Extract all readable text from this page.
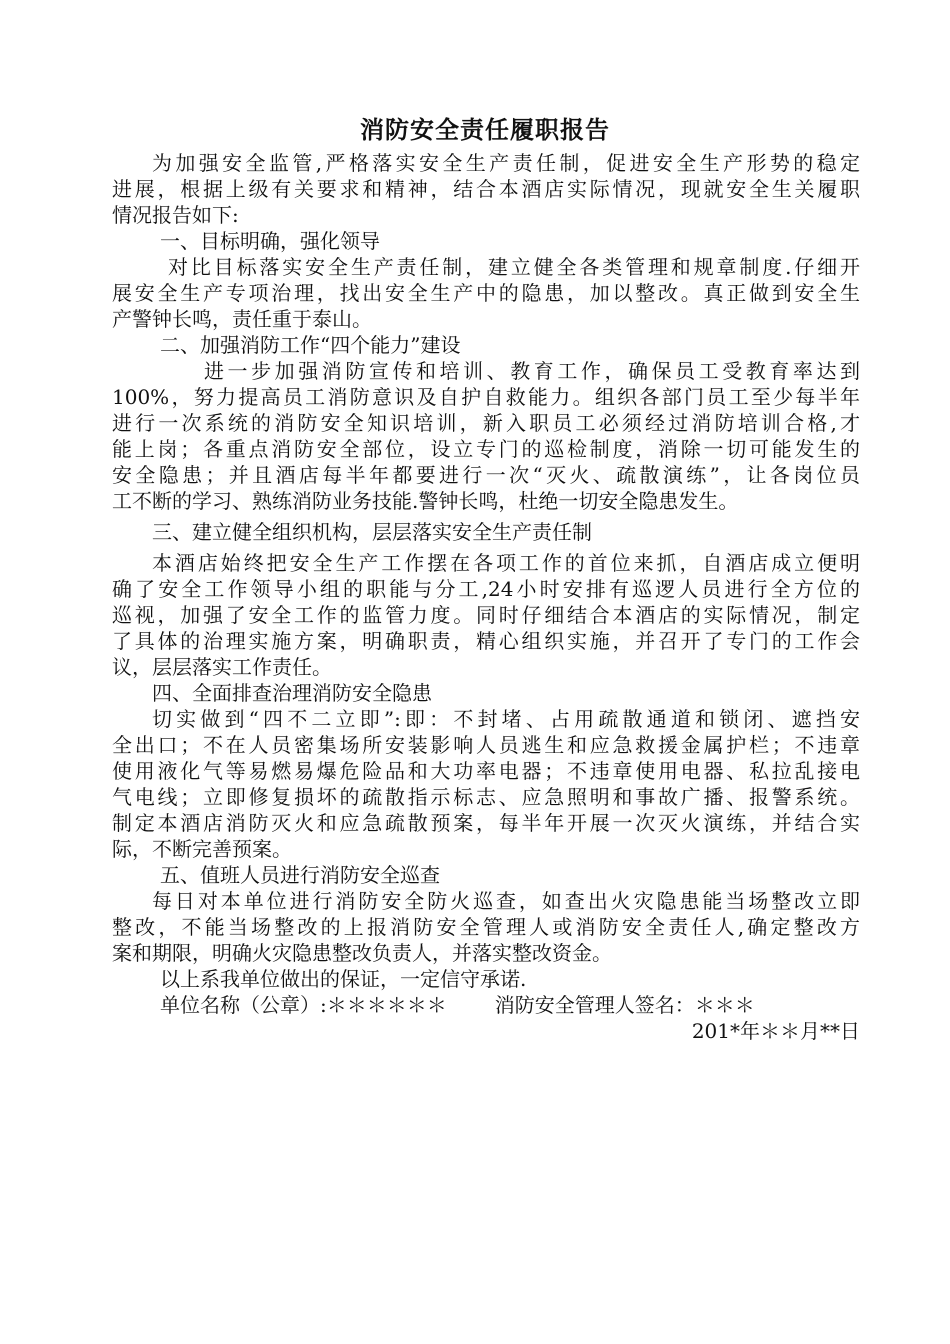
消防安全责任履职报告
为加强安全监管,严格落实安全生产责任制，促进安全生产形势的稳定
进展，根据上级有关要求和精神，结合本酒店实际情况，现就安全生关履职
情况报告如下:
一、目标明确，强化领导
对比目标落实安全生产责任制，建立健全各类管理和规章制度.仔细开
展安全生产专项治理，找出安全生产中的隐患，加以整改。真正做到安全生
产警钟长鸣，责任重于泰山。
二、加强消防工作“四个能力”建设
进一步加强消防宣传和培训、教育工作，确保员工受教育率达到
100%，努力提高员工消防意识及自护自救能力。组织各部门员工至少每半年
进行一次系统的消防安全知识培训，新入职员工必须经过消防培训合格,才
能上岗；各重点消防安全部位，设立专门的巡检制度，消除一切可能发生的
安全隐患；并且酒店每半年都要进行一次“灭火、疏散演练”，让各岗位员
工不断的学习、熟练消防业务技能.警钟长鸣，杜绝一切安全隐患发生。
三、建立健全组织机构，层层落实安全生产责任制
本酒店始终把安全生产工作摆在各项工作的首位来抓，自酒店成立便明
确了安全工作领导小组的职能与分工,24小时安排有巡逻人员进行全方位的
巡视，加强了安全工作的监管力度。同时仔细结合本酒店的实际情况，制定
了具体的治理实施方案，明确职责，精心组织实施，并召开了专门的工作会
议，层层落实工作责任。
四、全面排查治理消防安全隐患
切实做到“四不二立即”:即：不封堵、占用疏散通道和锁闭、遮挡安
全出口；不在人员密集场所安装影响人员逃生和应急救援金属护栏；不违章
使用液化气等易燃易爆危险品和大功率电器；不违章使用电器、私拉乱接电
气电线；立即修复损坏的疏散指示标志、应急照明和事故广播、报警系统。
制定本酒店消防灭火和应急疏散预案，每半年开展一次灭火演练，并结合实
际，不断完善预案。
五、值班人员进行消防安全巡查
每日对本单位进行消防安全防火巡查，如查出火灾隐患能当场整改立即
整改，不能当场整改的上报消防安全管理人或消防安全责任人,确定整改方
案和期限，明确火灾隐患整改负责人，并落实整改资金。
以上系我单位做出的保证，一定信守承诺.
单位名称（公章）:＊＊＊＊＊＊ 消防安全管理人签名：＊＊＊
201*年＊＊月**日
